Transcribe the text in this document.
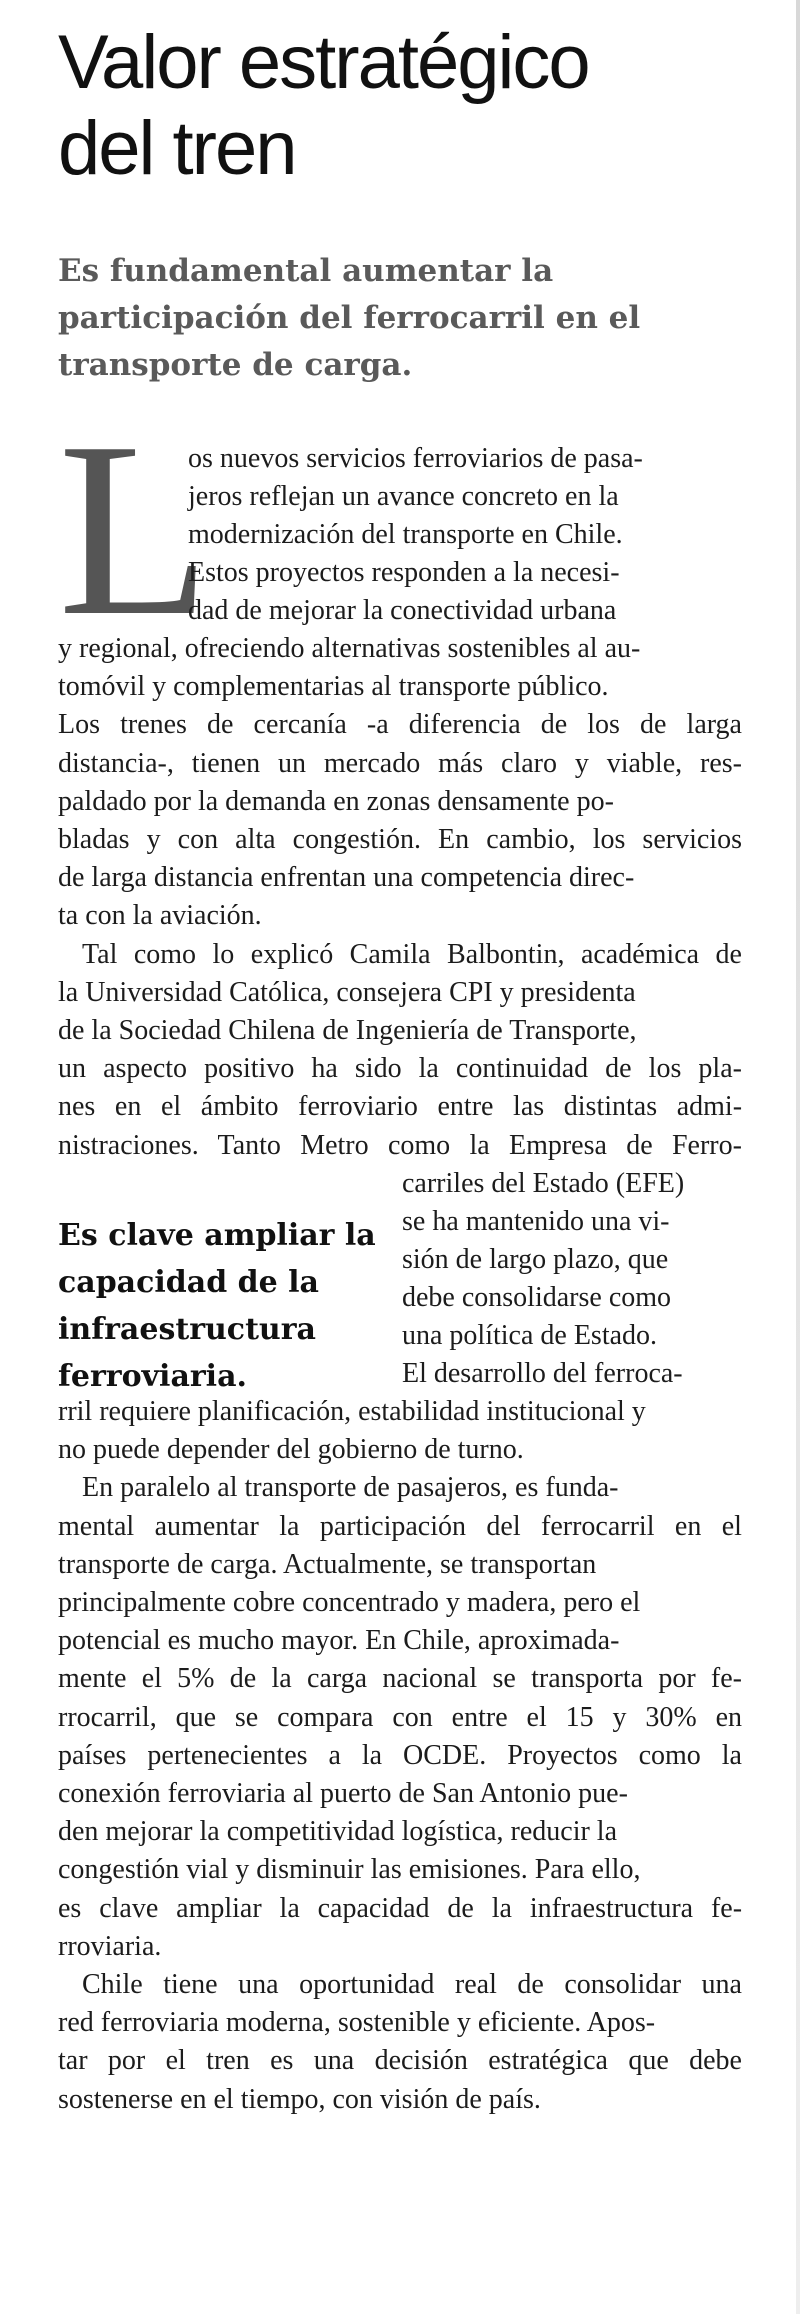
Valor estratégico
del tren

Es fundamental aumentar la
participación del ferrocarril en el
transporte de carga.

L
Es clave ampliar la
capacidad de la
infraestructura
ferroviaria.
os nuevos servicios ferroviarios de pasa-
jeros reflejan un avance concreto en la
modernización del transporte en Chile.
Estos proyectos responden a la necesi-
dad de mejorar la conectividad urbana
y regional, ofreciendo alternativas sostenibles al au-
tomóvil y complementarias al transporte público.
Los trenes de cercanía -a diferencia de los de larga
distancia-, tienen un mercado más claro y viable, res-
paldado por la demanda en zonas densamente po-
bladas y con alta congestión. En cambio, los servicios
de larga distancia enfrentan una competencia direc-
ta con la aviación.
Tal como lo explicó Camila Balbontin, académica de
la Universidad Católica, consejera CPI y presidenta
de la Sociedad Chilena de Ingeniería de Transporte,
un aspecto positivo ha sido la continuidad de los pla-
nes en el ámbito ferroviario entre las distintas admi-
nistraciones. Tanto Metro como la Empresa de Ferro-
carriles del Estado (EFE)
se ha mantenido una vi-
sión de largo plazo, que
debe consolidarse como
una política de Estado.
El desarrollo del ferroca-
rril requiere planificación, estabilidad institucional y
no puede depender del gobierno de turno.
En paralelo al transporte de pasajeros, es funda-
mental aumentar la participación del ferrocarril en el
transporte de carga. Actualmente, se transportan
principalmente cobre concentrado y madera, pero el
potencial es mucho mayor. En Chile, aproximada-
mente el 5% de la carga nacional se transporta por fe-
rrocarril, que se compara con entre el 15 y 30% en
países pertenecientes a la OCDE. Proyectos como la
conexión ferroviaria al puerto de San Antonio pue-
den mejorar la competitividad logística, reducir la
congestión vial y disminuir las emisiones. Para ello,
es clave ampliar la capacidad de la infraestructura fe-
rroviaria.
Chile tiene una oportunidad real de consolidar una
red ferroviaria moderna, sostenible y eficiente. Apos-
tar por el tren es una decisión estratégica que debe
sostenerse en el tiempo, con visión de país.
